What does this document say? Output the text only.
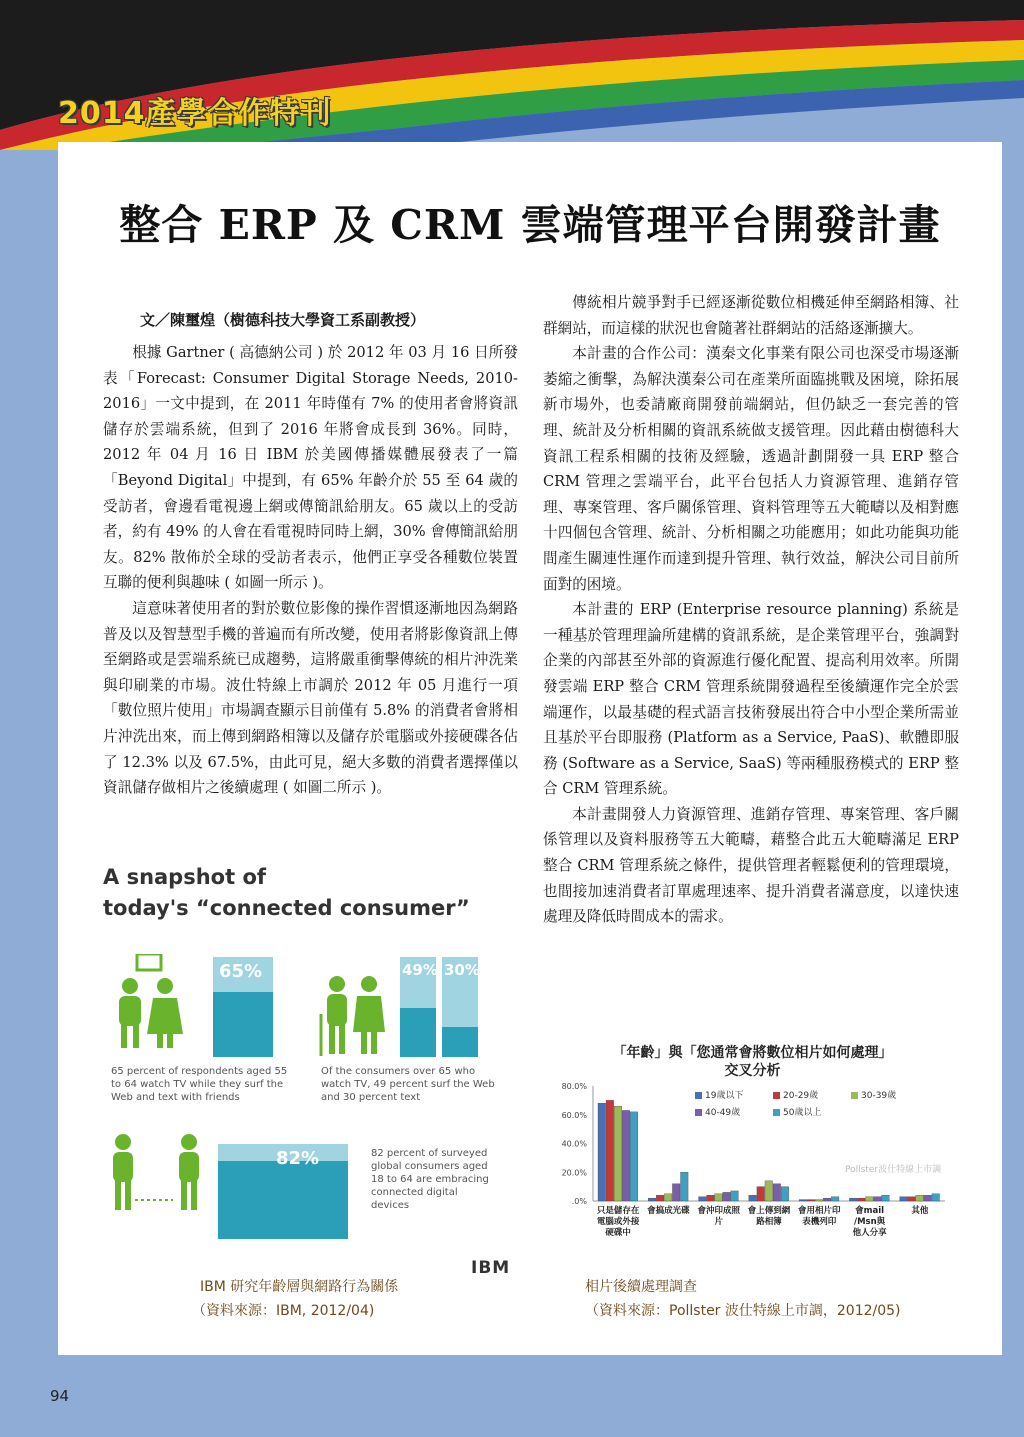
2014產學合作特刊
整合 ERP 及 CRM 雲端管理平台開發計畫
文／陳璽煌（樹德科技大學資工系副教授）

根據 Gartner ( 高德納公司 ) 於 2012 年 03 月 16 日所發表「Forecast: Consumer Digital Storage Needs, 2010-2016」一文中提到，在 2011 年時僅有 7% 的使用者會將資訊儲存於雲端系統，但到了 2016 年將會成長到 36%。同時，2012 年 04 月 16 日 IBM 於美國傳播媒體展發表了一篇「Beyond Digital」中提到，有 65% 年齡介於 55 至 64 歲的受訪者，會邊看電視邊上網或傳簡訊給朋友。65 歲以上的受訪者，約有 49% 的人會在看電視時同時上網，30% 會傳簡訊給朋友。82% 散佈於全球的受訪者表示，他們正享受各種數位裝置互聯的便利與趣味 ( 如圖一所示 )。

這意味著使用者的對於數位影像的操作習慣逐漸地因為網路普及以及智慧型手機的普遍而有所改變，使用者將影像資訊上傳至網路或是雲端系統已成趨勢，這將嚴重衝擊傳統的相片沖洗業與印刷業的市場。波仕特線上市調於 2012 年 05 月進行一項「數位照片使用」市場調查顯示目前僅有 5.8% 的消費者會將相片沖洗出來，而上傳到網路相簿以及儲存於電腦或外接硬碟各佔了 12.3% 以及 67.5%，由此可見，絕大多數的消費者選擇僅以資訊儲存做相片之後續處理 ( 如圖二所示 )。

傳統相片競爭對手已經逐漸從數位相機延伸至網路相簿、社群網站，而這樣的狀況也會隨著社群網站的活絡逐漸擴大。

本計畫的合作公司：漢秦文化事業有限公司也深受市場逐漸萎縮之衝擊，為解決漢秦公司在產業所面臨挑戰及困境，除拓展新市場外，也委請廠商開發前端網站，但仍缺乏一套完善的管理、統計及分析相關的資訊系統做支援管理。因此藉由樹德科大資訊工程系相關的技術及經驗，透過計劃開發一具 ERP 整合 CRM 管理之雲端平台，此平台包括人力資源管理、進銷存管理、專案管理、客戶關係管理、資料管理等五大範疇以及相對應十四個包含管理、統計、分析相關之功能應用；如此功能與功能間產生關連性運作而達到提升管理、執行效益，解決公司目前所面對的困境。

本計畫的 ERP (Enterprise resource planning) 系統是一種基於管理理論所建構的資訊系統，是企業管理平台，強調對企業的內部甚至外部的資源進行優化配置、提高利用效率。所開發雲端 ERP 整合 CRM 管理系統開發過程至後續運作完全於雲端運作，以最基礎的程式語言技術發展出符合中小型企業所需並且基於平台即服務 (Platform as a Service, PaaS)、軟體即服務 (Software as a Service, SaaS) 等兩種服務模式的 ERP 整合 CRM 管理系統。

本計畫開發人力資源管理、進銷存管理、專案管理、客戶關係管理以及資料服務等五大範疇，藉整合此五大範疇滿足 ERP 整合 CRM 管理系統之條件，提供管理者輕鬆便利的管理環境，也間接加速消費者訂單處理速率、提升消費者滿意度，以達快速處理及降低時間成本的需求。

A snapshot of
today's “connected consumer”
65%
65 percent of respondents aged 55 to 64 watch TV while they surf the Web and text with friends
49% 30%
Of the consumers over 65 who watch TV, 49 percent surf the Web and 30 percent text
82%	82 percent of surveyed global consumers aged 18 to 64 are embracing connected digital devices
IBM
IBM 研究年齡層與網路行為關係
（資料來源：IBM, 2012/04)
「年齡」與「您通常會將數位相片如何處理」
交叉分析
80.0%
60.0%
40.0%
20.0%
.0%
Pollster波仕特線上市調
只是儲存在
電腦或外接
硬碟中
會搞成光碟 會沖印成照
片
會上傳到網
路相簿
會用相片印
表機列印
會mail
/Msn與
他人分享
其他
19歲以下	20-29歲	30-39歲
40-49歲	50歲以上
相片後續處理調查
（資料來源：Pollster 波仕特線上市調，2012/05)
94
